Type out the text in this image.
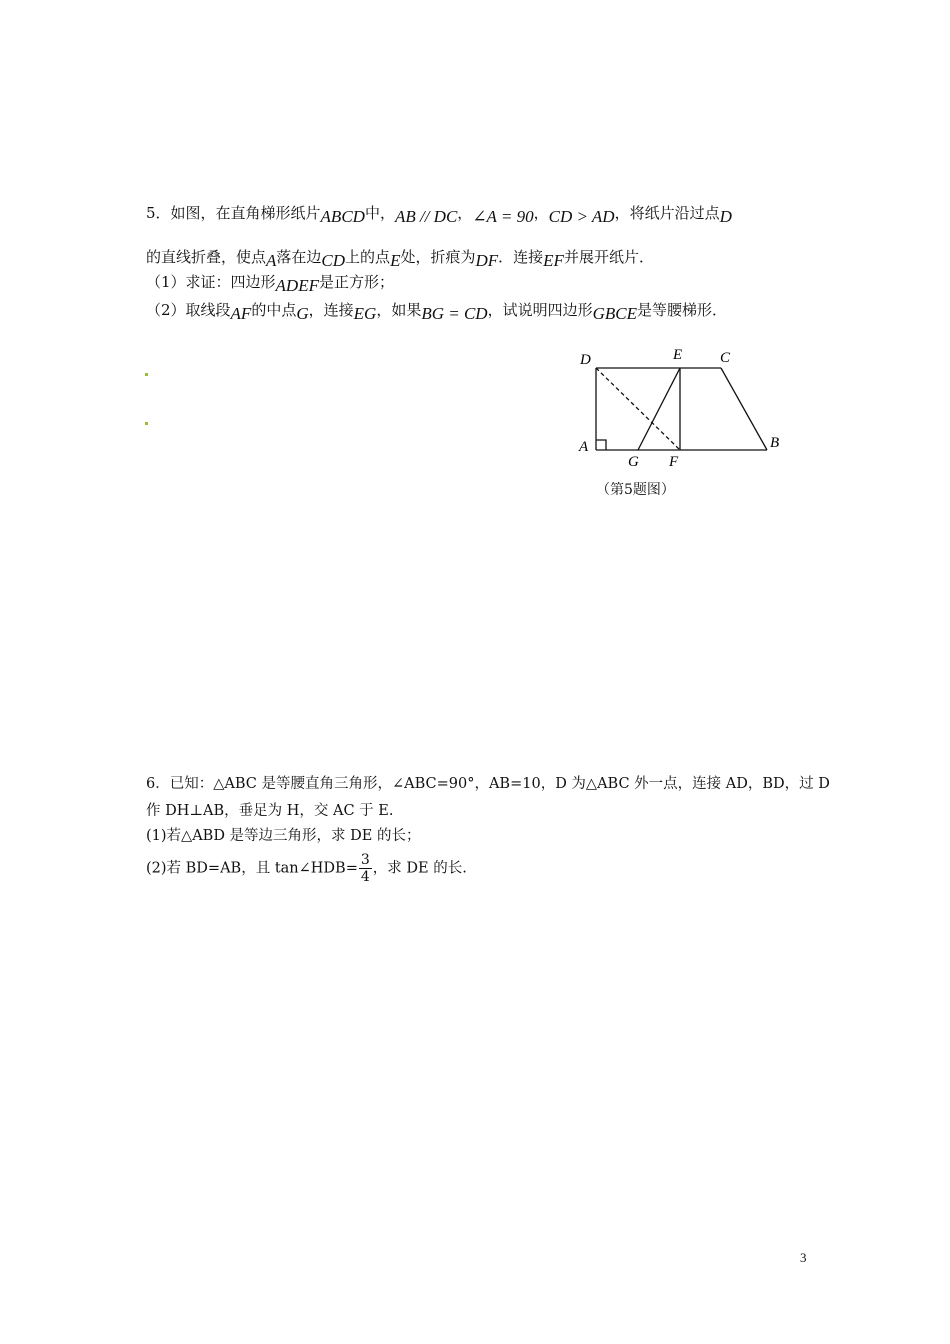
5．如图，在直角梯形纸片ABCD中，AB // DC，∠A = 90，CD > AD，将纸片沿过点D
的直线折叠，使点A落在边CD上的点E处，折痕为DF．连接EF并展开纸片．
（1）求证：四边形ADEF是正方形；
（2）取线段AF的中点G，连接EG，如果BG = CD，试说明四边形GBCE是等腰梯形．
D	E	C
A
G F
B
（第5题图）
6．已知：△ABC 是等腰直角三角形，∠ABC=90°，AB=10，D 为△ABC 外一点，连接 AD，BD，过 D
作 DH⊥AB，垂足为 H，交 AC 于 E.
(1)若△ABD 是等边三角形，求 DE 的长；
(2)若 BD=AB，且 tan∠HDB= $\frac{3}{4}$ ，求 DE 的长.
3
